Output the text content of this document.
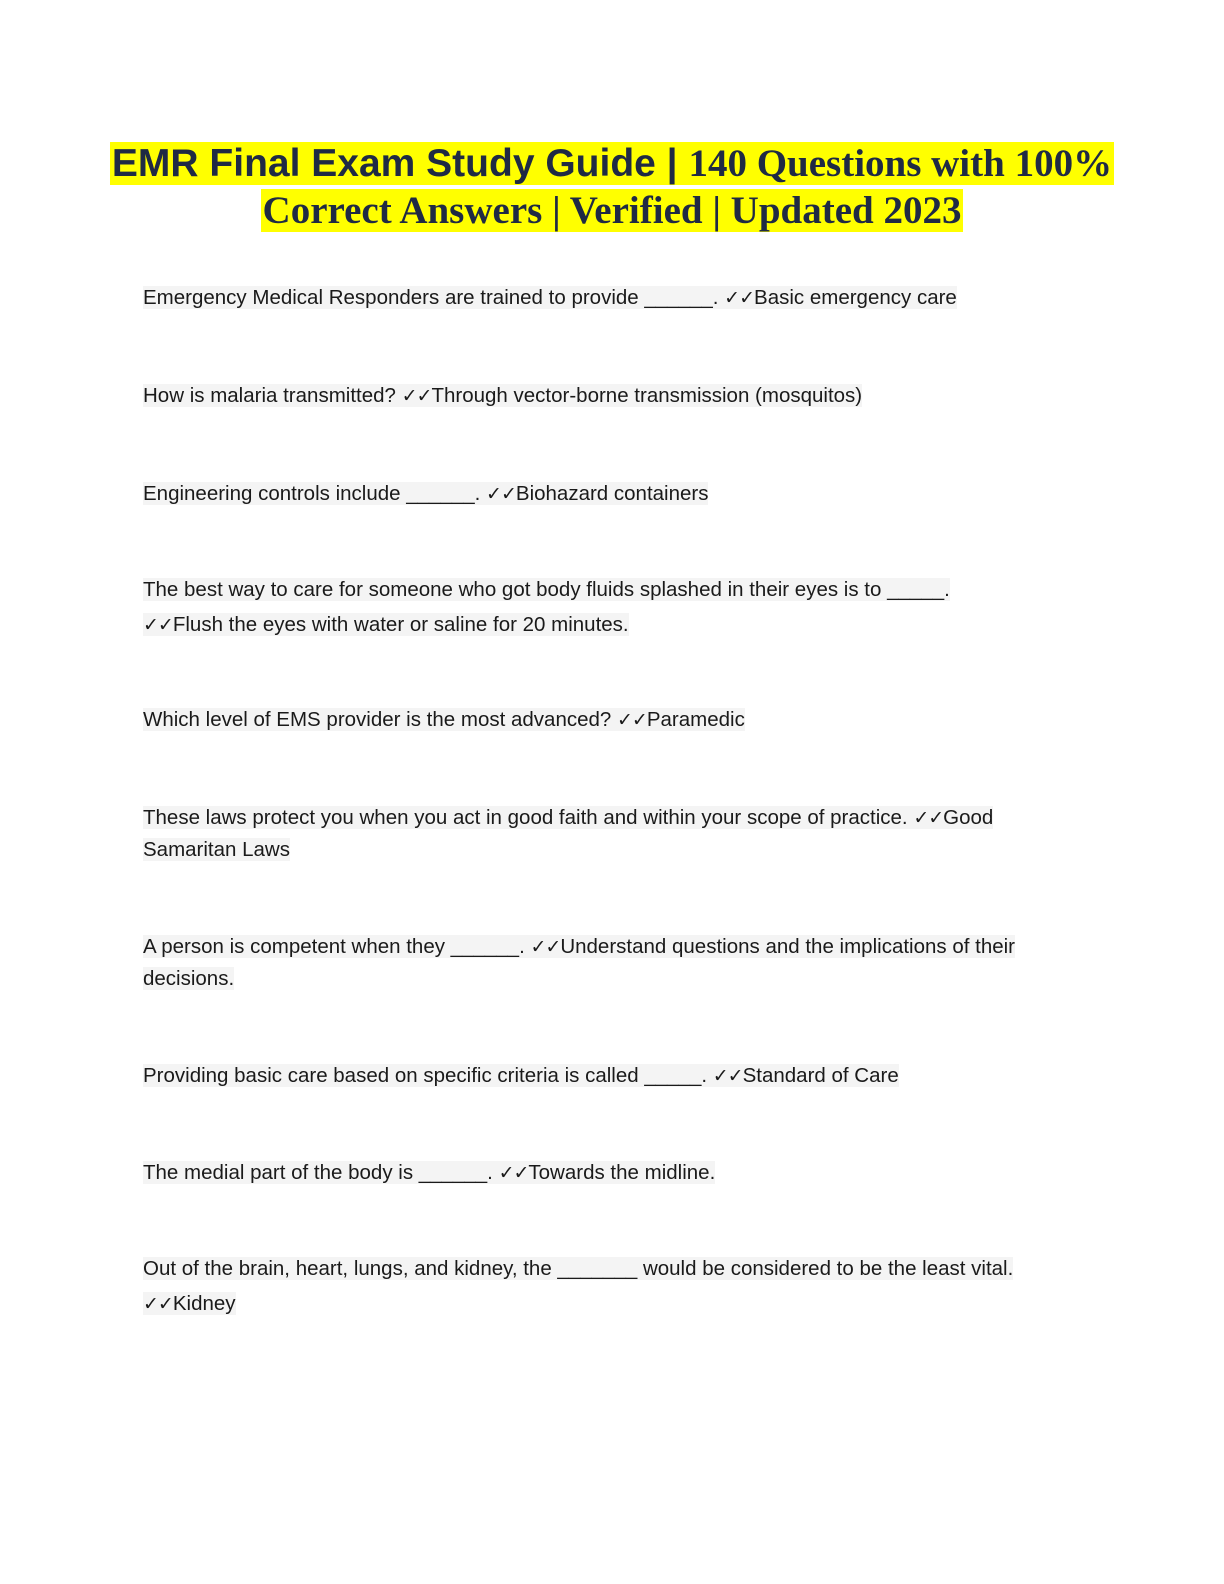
EMR Final Exam Study Guide | 140 Questions with 100% Correct Answers | Verified | Updated 2023
Emergency Medical Responders are trained to provide ______. ✓✓Basic emergency care
How is malaria transmitted? ✓✓Through vector-borne transmission (mosquitos)
Engineering controls include ______. ✓✓Biohazard containers
The best way to care for someone who got body fluids splashed in their eyes is to _____.
✓✓Flush the eyes with water or saline for 20 minutes.
Which level of EMS provider is the most advanced? ✓✓Paramedic
These laws protect you when you act in good faith and within your scope of practice. ✓✓Good Samaritan Laws
A person is competent when they ______. ✓✓Understand questions and the implications of their decisions.
Providing basic care based on specific criteria is called _____. ✓✓Standard of Care
The medial part of the body is ______. ✓✓Towards the midline.
Out of the brain, heart, lungs, and kidney, the _______ would be considered to be the least vital. ✓✓Kidney
